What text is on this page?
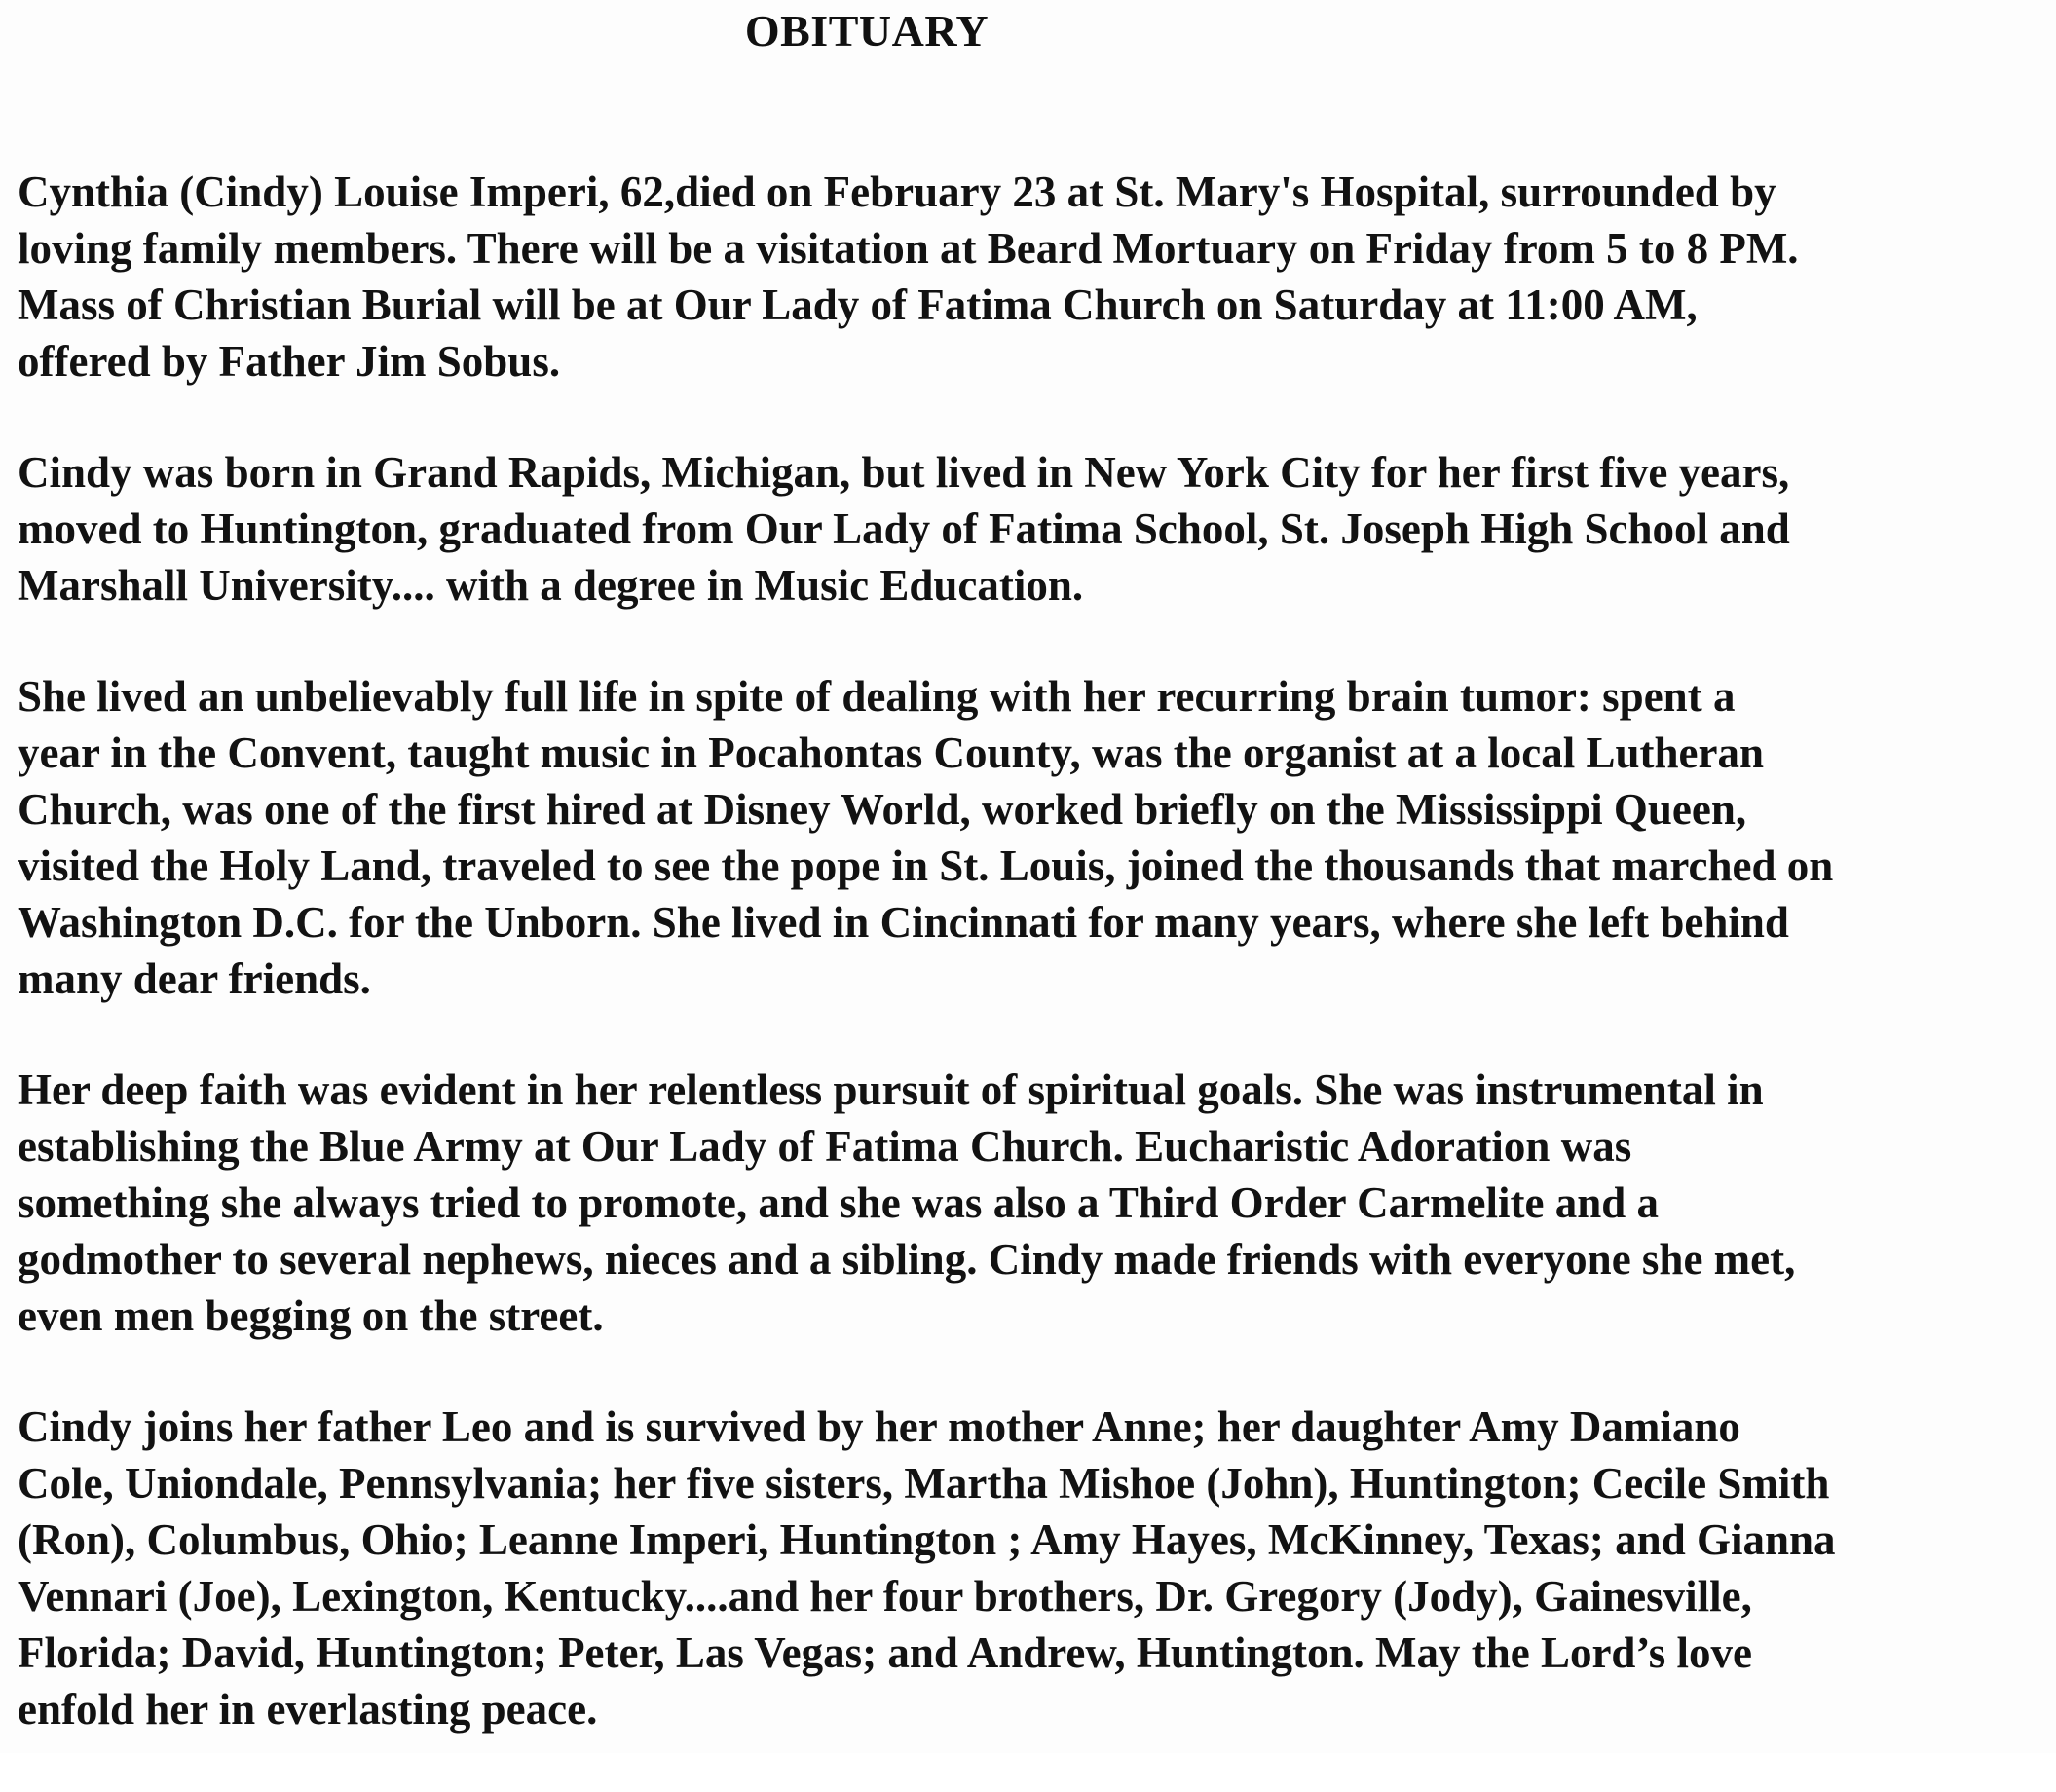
OBITUARY

Cynthia (Cindy) Louise Imperi, 62,died on February 23 at St. Mary's Hospital, surrounded by
loving family members. There will be a visitation at Beard Mortuary on Friday from 5 to 8 PM.
Mass of Christian Burial will be at Our Lady of Fatima Church on Saturday at 11:00 AM,
offered by Father Jim Sobus.

Cindy was born in Grand Rapids, Michigan, but lived in New York City for her first five years,
moved to Huntington, graduated from Our Lady of Fatima School, St. Joseph High School and
Marshall University.... with a degree in Music Education.

She lived an unbelievably full life in spite of dealing with her recurring brain tumor: spent a
year in the Convent, taught music in Pocahontas County, was the organist at a local Lutheran
Church, was one of the first hired at Disney World, worked briefly on the Mississippi Queen,
visited the Holy Land, traveled to see the pope in St. Louis, joined the thousands that marched on
Washington D.C. for the Unborn. She lived in Cincinnati for many years, where she left behind
many dear friends.

Her deep faith was evident in her relentless pursuit of spiritual goals. She was instrumental in
establishing the Blue Army at Our Lady of Fatima Church. Eucharistic Adoration was
something she always tried to promote, and she was also a Third Order Carmelite and a
godmother to several nephews, nieces and a sibling. Cindy made friends with everyone she met,
even men begging on the street.

Cindy joins her father Leo and is survived by her mother Anne; her daughter Amy Damiano
Cole, Uniondale, Pennsylvania; her five sisters, Martha Mishoe (John), Huntington; Cecile Smith
(Ron), Columbus, Ohio; Leanne Imperi, Huntington ; Amy Hayes, McKinney, Texas; and Gianna
Vennari (Joe), Lexington, Kentucky....and her four brothers, Dr. Gregory (Jody), Gainesville,
Florida; David, Huntington; Peter, Las Vegas; and Andrew, Huntington. May the Lord’s love
enfold her in everlasting peace.
